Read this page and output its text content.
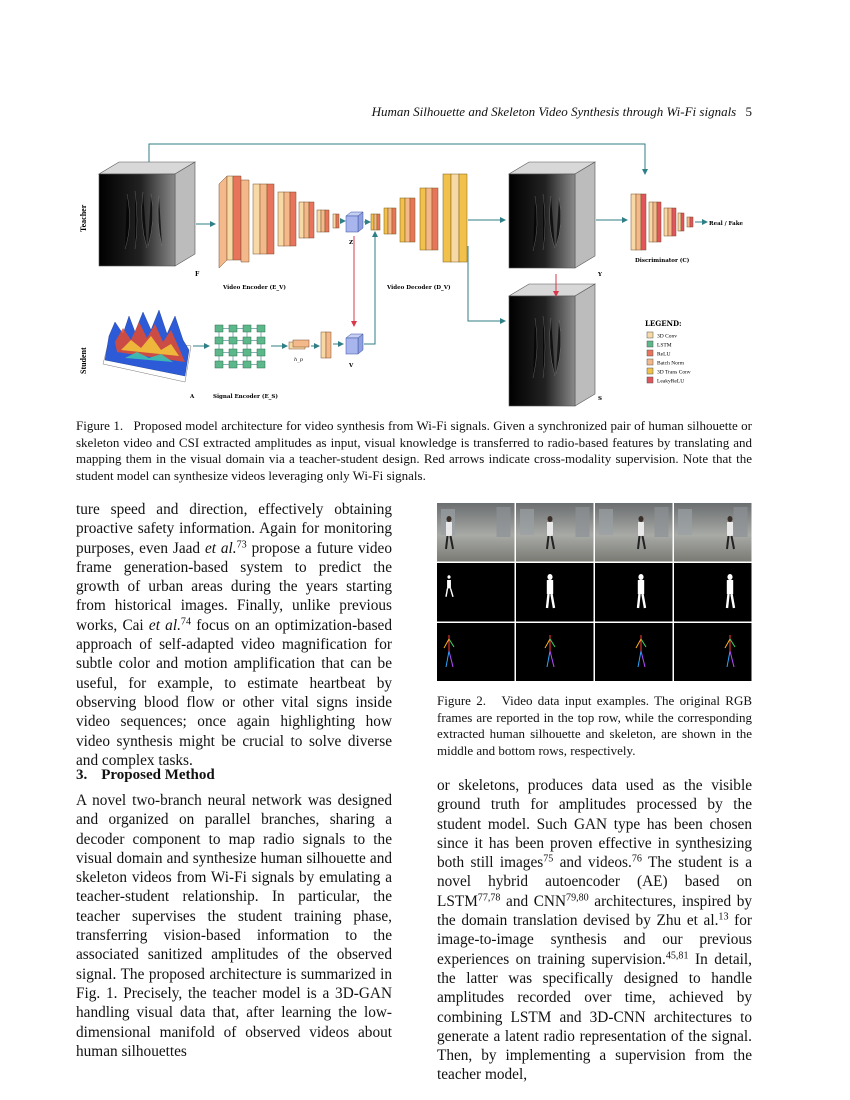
Human Silhouette and Skeleton Video Synthesis through Wi-Fi signals 5
F
Teacher
Student
Video Encoder (E_V)
Z
Video Decoder (D_V)
Y
S
Real / Fake
Discriminator (C)
A	Signal Encoder (E_S)
h_p
V
LEGEND:
3D Conv
LSTM
ReLU
Batch Norm
3D Trans Conv
LeakyReLU
Figure 1. Proposed model architecture for video synthesis from Wi-Fi signals. Given a synchronized pair of human silhouette or skeleton video and CSI extracted amplitudes as input, visual knowledge is transferred to radio-based features by translating and mapping them in the visual domain via a teacher-student design. Red arrows indicate cross-modality supervision. Note that the student model can synthesize videos leveraging only Wi-Fi signals.
ture speed and direction, effectively obtaining proactive safety information. Again for monitoring purposes, even Jaad et al.$^{73}$ propose a future video frame generation-based system to predict the growth of urban areas during the years starting from historical images. Finally, unlike previous works, Cai et al.$^{74}$ focus on an optimization-based approach of self-adapted video magnification for subtle color and motion amplification that can be useful, for example, to estimate heartbeat by observing blood flow or other vital signs inside video sequences; once again highlighting how video synthesis might be crucial to solve diverse and complex tasks.
3. Proposed Method
A novel two-branch neural network was designed and organized on parallel branches, sharing a decoder component to map radio signals to the visual domain and synthesize human silhouette and skeleton videos from Wi-Fi signals by emulating a teacher-student relationship. In particular, the teacher supervises the student training phase, transferring vision-based information to the associated sanitized amplitudes of the observed signal. The proposed architecture is summarized in Fig. 1. Precisely, the teacher model is a 3D-GAN handling visual data that, after learning the low-dimensional manifold of observed videos about human silhouettes
Figure 2. Video data input examples. The original RGB frames are reported in the top row, while the corresponding extracted human silhouette and skeleton, are shown in the middle and bottom rows, respectively.
or skeletons, produces data used as the visible ground truth for amplitudes processed by the student model. Such GAN type has been chosen since it has been proven effective in synthesizing both still images$^{75}$ and videos.$^{76}$ The student is a novel hybrid autoencoder (AE) based on LSTM$^{77,78}$ and CNN$^{79,80}$ architectures, inspired by the domain translation devised by Zhu et al.$^{13}$ for image-to-image synthesis and our previous experiences on training supervision.$^{45,81}$ In detail, the latter was specifically designed to handle amplitudes recorded over time, achieved by combining LSTM and 3D-CNN architectures to generate a latent radio representation of the signal. Then, by implementing a supervision from the teacher model,
